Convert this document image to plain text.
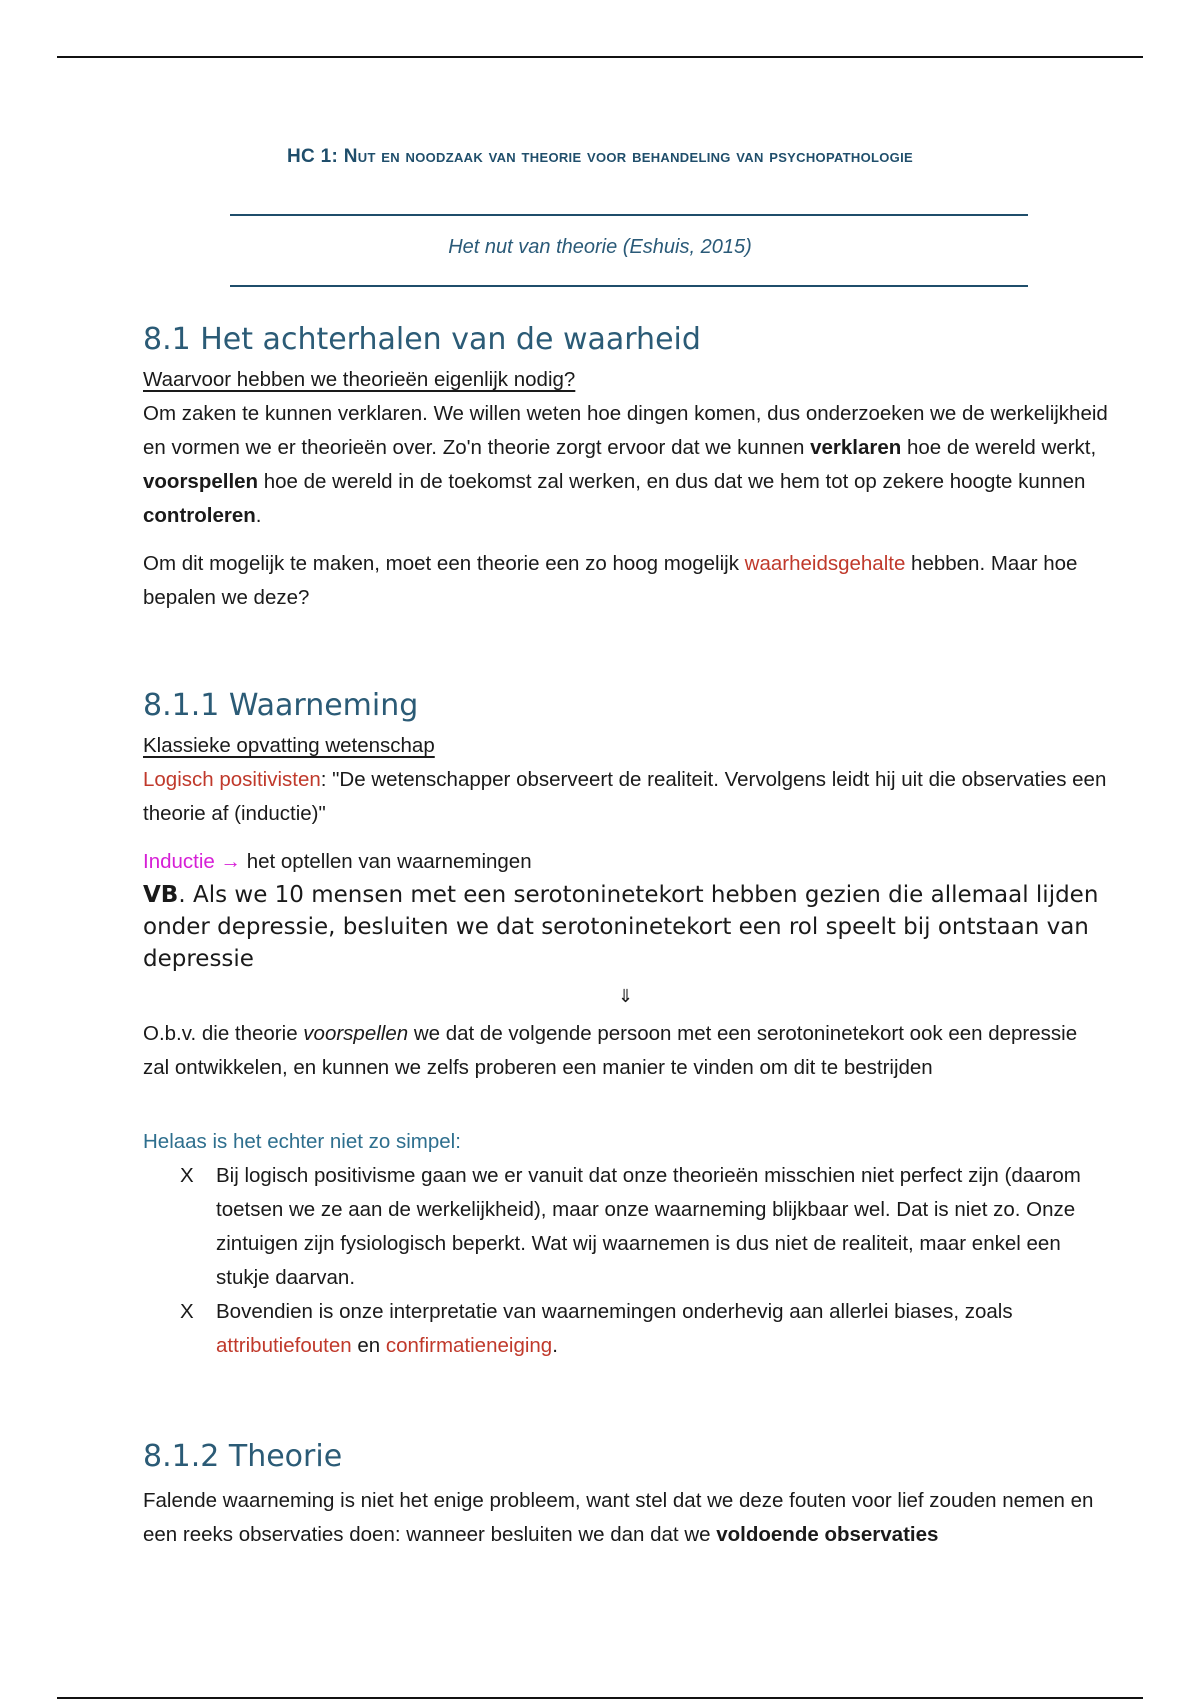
HC 1: Nut en noodzaak van theorie voor behandeling van psychopathologie
Het nut van theorie (Eshuis, 2015)
8.1 Het achterhalen van de waarheid

Waarvoor hebben we theorieën eigenlijk nodig?

Om zaken te kunnen verklaren. We willen weten hoe dingen komen, dus onderzoeken we de werkelijkheid en vormen we er theorieën over. Zo'n theorie zorgt ervoor dat we kunnen verklaren hoe de wereld werkt, voorspellen hoe de wereld in de toekomst zal werken, en dus dat we hem tot op zekere hoogte kunnen controleren.

Om dit mogelijk te maken, moet een theorie een zo hoog mogelijk waarheidsgehalte hebben. Maar hoe bepalen we deze?

8.1.1 Waarneming

Klassieke opvatting wetenschap

Logisch positivisten: "De wetenschapper observeert de realiteit. Vervolgens leidt hij uit die observaties een theorie af (inductie)"

Inductie → het optellen van waarnemingen

VB. Als we 10 mensen met een serotoninetekort hebben gezien die allemaal lijden onder depressie, besluiten we dat serotoninetekort een rol speelt bij ontstaan van depressie

⇓

O.b.v. die theorie voorspellen we dat de volgende persoon met een serotoninetekort ook een depressie zal ontwikkelen, en kunnen we zelfs proberen een manier te vinden om dit te bestrijden

Helaas is het echter niet zo simpel:

X Bij logisch positivisme gaan we er vanuit dat onze theorieën misschien niet perfect zijn (daarom toetsen we ze aan de werkelijkheid), maar onze waarneming blijkbaar wel. Dat is niet zo. Onze zintuigen zijn fysiologisch beperkt. Wat wij waarnemen is dus niet de realiteit, maar enkel een stukje daarvan.
X Bovendien is onze interpretatie van waarnemingen onderhevig aan allerlei biases, zoals attributiefouten en confirmatieneiging.
8.1.2 Theorie

Falende waarneming is niet het enige probleem, want stel dat we deze fouten voor lief zouden nemen en een reeks observaties doen: wanneer besluiten we dan dat we voldoende observaties
